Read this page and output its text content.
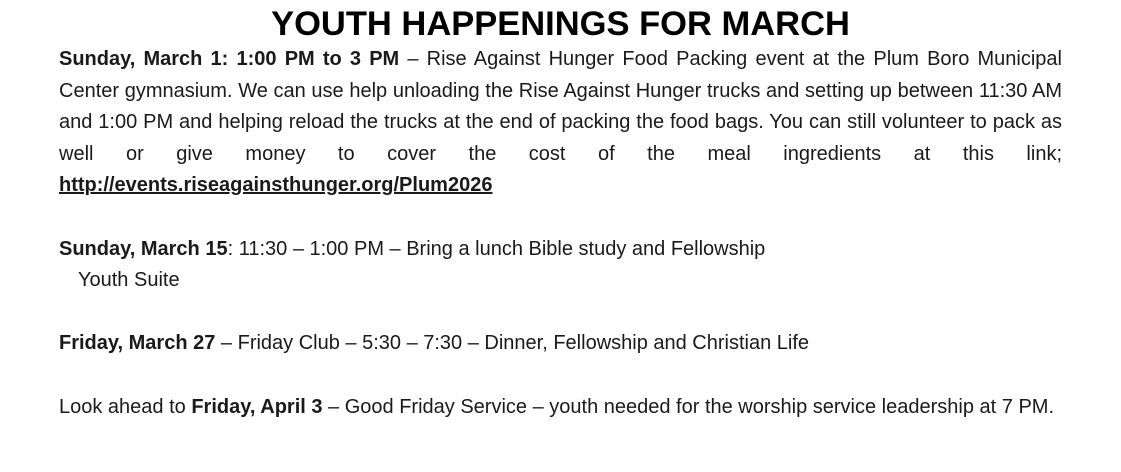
YOUTH HAPPENINGS FOR MARCH

Sunday, March 1: 1:00 PM to 3 PM – Rise Against Hunger Food Packing event at the Plum Boro Municipal Center gymnasium. We can use help unloading the Rise Against Hunger trucks and setting up between 11:30 AM and 1:00 PM and helping reload the trucks at the end of packing the food bags. You can still volunteer to pack as well or give money to cover the cost of the meal ingredients at this link; http://events.riseagainsthunger.org/Plum2026

Sunday, March 15: 11:30 – 1:00 PM – Bring a lunch Bible study and Fellowship

Youth Suite

Friday, March 27 – Friday Club – 5:30 – 7:30 – Dinner, Fellowship and Christian Life

Look ahead to Friday, April 3 – Good Friday Service – youth needed for the worship service leadership at 7 PM.
